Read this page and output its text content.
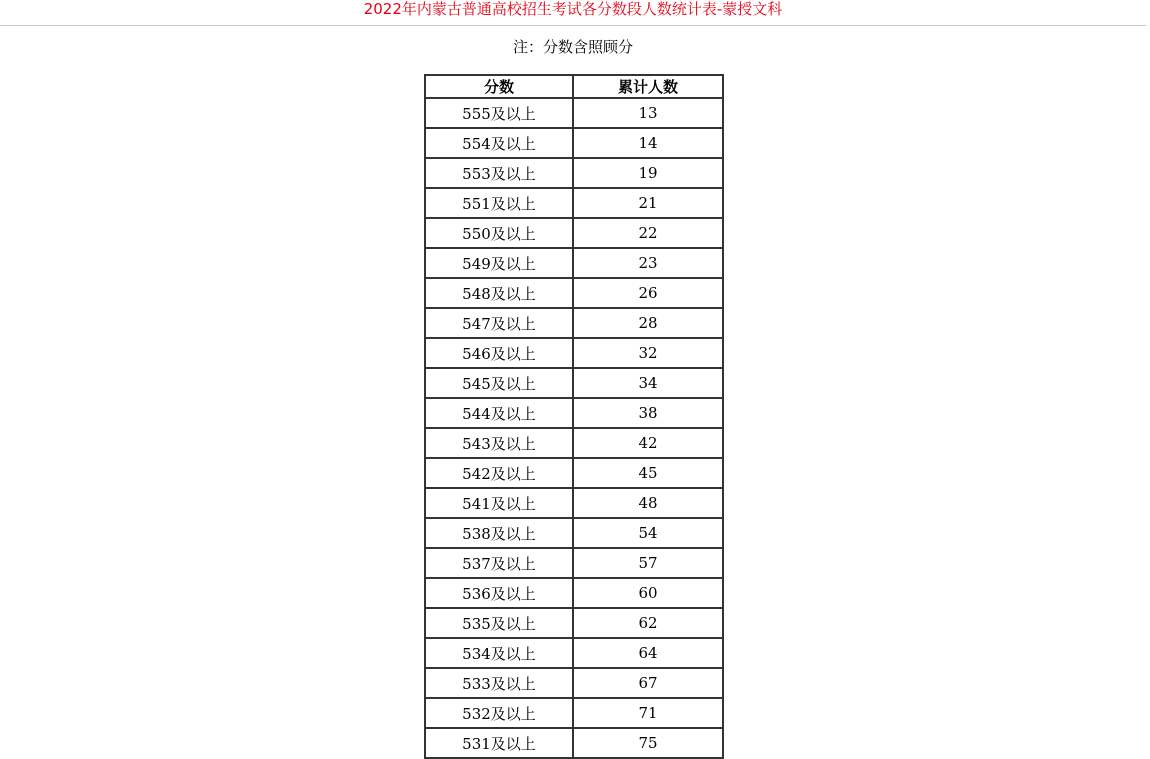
2022年内蒙古普通高校招生考试各分数段人数统计表-蒙授文科
注：分数含照顾分
分数	累计人数
555及以上	13
554及以上	14
553及以上	19
551及以上	21
550及以上	22
549及以上	23
548及以上	26
547及以上	28
546及以上	32
545及以上	34
544及以上	38
543及以上	42
542及以上	45
541及以上	48
538及以上	54
537及以上	57
536及以上	60
535及以上	62
534及以上	64
533及以上	67
532及以上	71
531及以上	75
